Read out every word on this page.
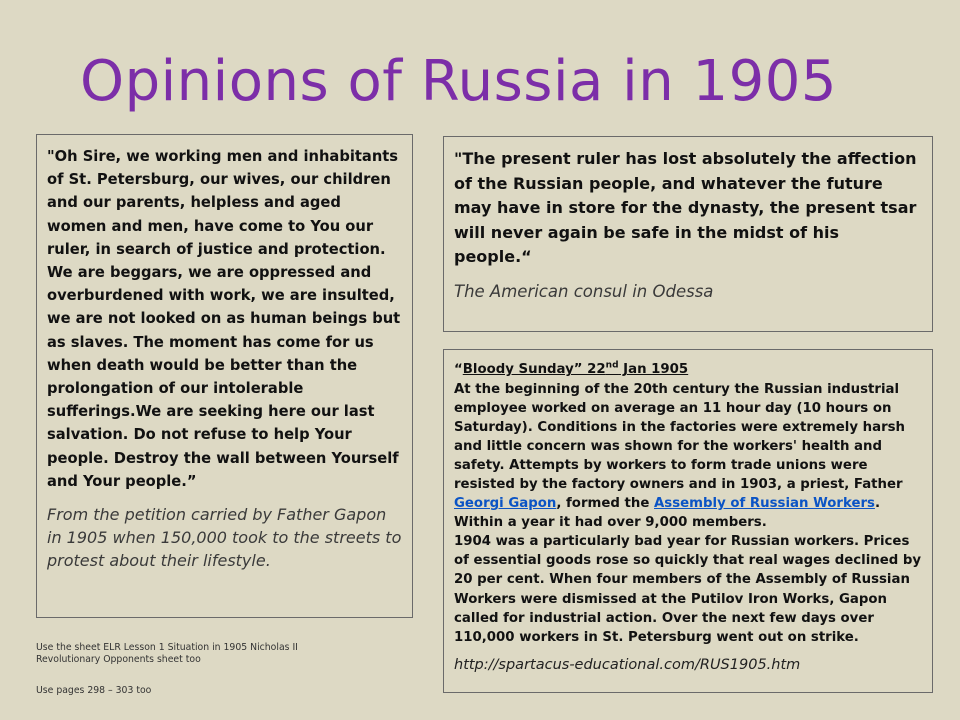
Opinions of Russia in 1905
"Oh Sire, we working men and inhabitants of St. Petersburg, our wives, our children and our parents, helpless and aged women and men, have come to You our ruler, in search of justice and protection. We are beggars, we are oppressed and overburdened with work, we are insulted, we are not looked on as human beings but as slaves. The moment has come for us when death would be better than the prolongation of our intolerable sufferings.We are seeking here our last salvation. Do not refuse to help Your people. Destroy the wall between Yourself and Your people.”
From the petition carried by Father Gapon in 1905 when 150,000 took to the streets to protest about their lifestyle.
"The present ruler has lost absolutely the affection of the Russian people, and whatever the future may have in store for the dynasty, the present tsar will never again be safe in the midst of his people.“
The American consul in Odessa
“Bloody Sunday” 22nd Jan 1905
At the beginning of the 20th century the Russian industrial employee worked on average an 11 hour day (10 hours on Saturday). Conditions in the factories were extremely harsh and little concern was shown for the workers' health and safety. Attempts by workers to form trade unions were resisted by the factory owners and in 1903, a priest, Father Georgi Gapon, formed the Assembly of Russian Workers. Within a year it had over 9,000 members.
1904 was a particularly bad year for Russian workers. Prices of essential goods rose so quickly that real wages declined by 20 per cent. When four members of the Assembly of Russian Workers were dismissed at the Putilov Iron Works, Gapon called for industrial action. Over the next few days over 110,000 workers in St. Petersburg went out on strike.
http://spartacus-educational.com/RUS1905.htm
Use the sheet ELR Lesson 1 Situation in 1905 Nicholas II Revolutionary Opponents sheet too
Use pages 298 – 303 too
